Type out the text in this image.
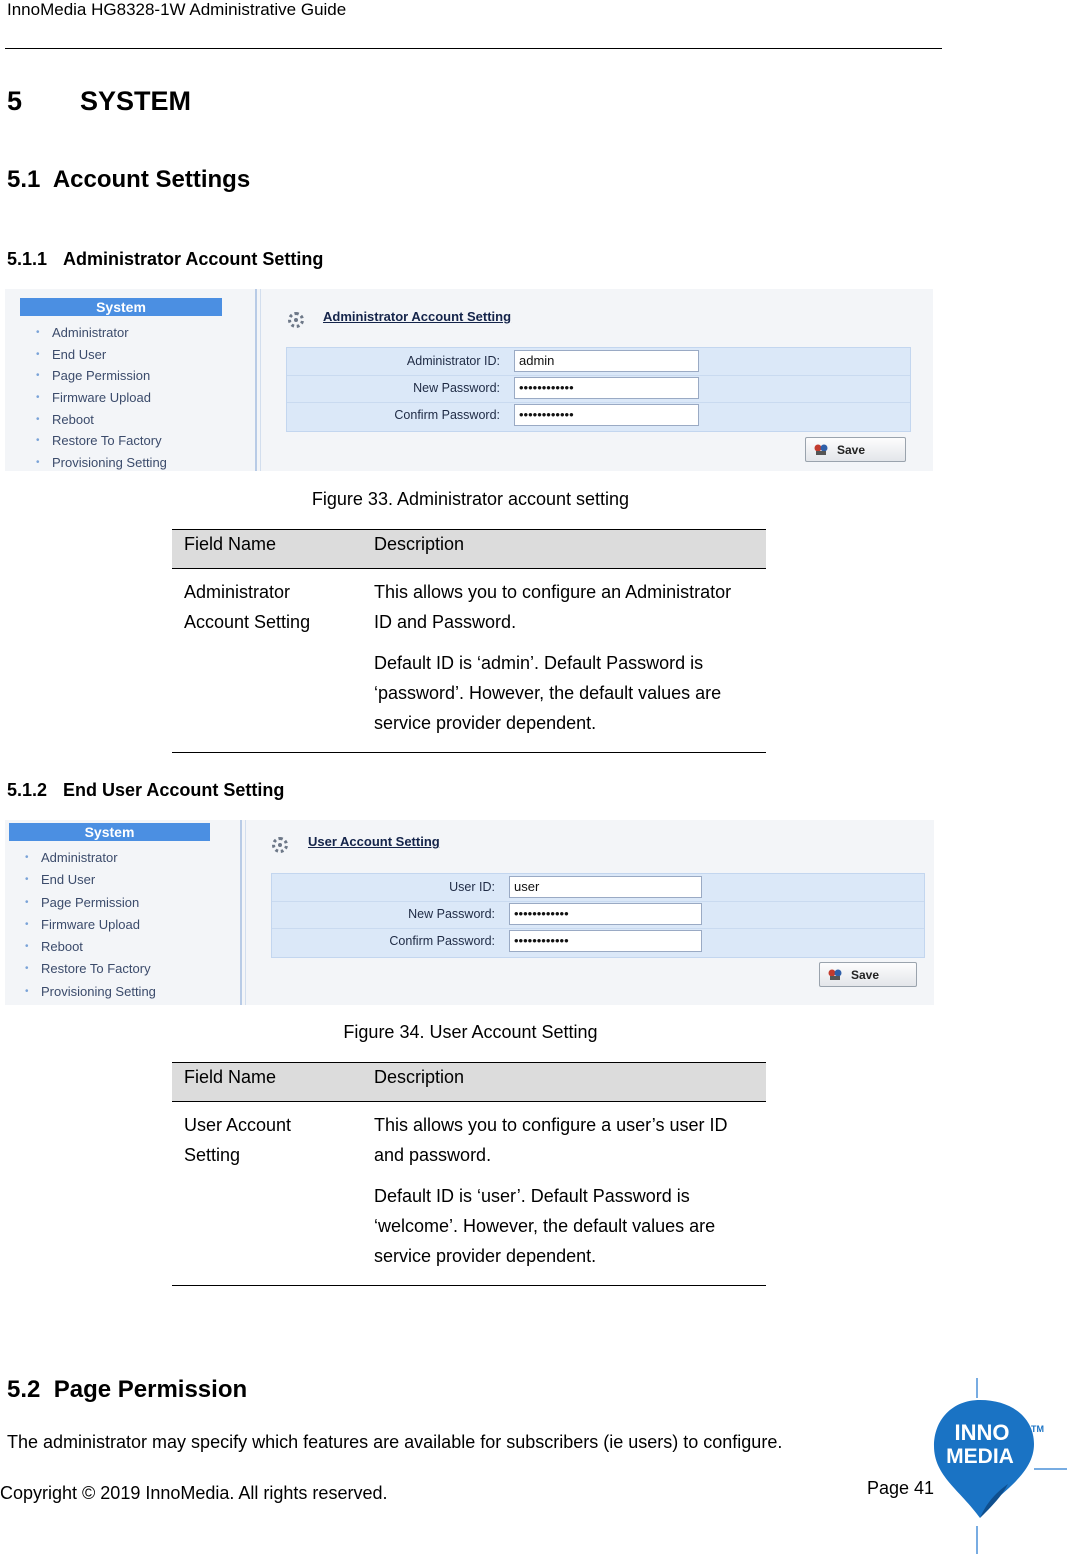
InnoMedia HG8328-1W Administrative Guide
5 SYSTEM
5.1 Account Settings
5.1.1 Administrator Account Setting
System
• Administrator
• End User
• Page Permission
• Firmware Upload
• Reboot
• Restore To Factory
• Provisioning Setting
Administrator Account Setting
Administrator ID:	admin
New Password:	••••••••••••
Confirm Password:	••••••••••••
Save
Figure 33. Administrator account setting
Field Name	Description
Administrator Account Setting	This allows you to configure an Administrator ID and Password.

Default ID is ‘admin’. Default Password is ‘password’. However, the default values are service provider dependent.

5.1.2 End User Account Setting
System
• Administrator
• End User
• Page Permission
• Firmware Upload
• Reboot
• Restore To Factory
• Provisioning Setting
User Account Setting
User ID:	user
New Password:	••••••••••••
Confirm Password:	••••••••••••
Save
Figure 34. User Account Setting
Field Name	Description
User Account Setting	This allows you to configure a user’s user ID and password.

Default ID is ‘user’. Default Password is ‘welcome’. However, the default values are service provider dependent.

5.2 Page Permission
The administrator may specify which features are available for subscribers (ie users) to configure.
Copyright © 2019 InnoMedia. All rights reserved.	Page 41
INNO
MEDIA
TM
